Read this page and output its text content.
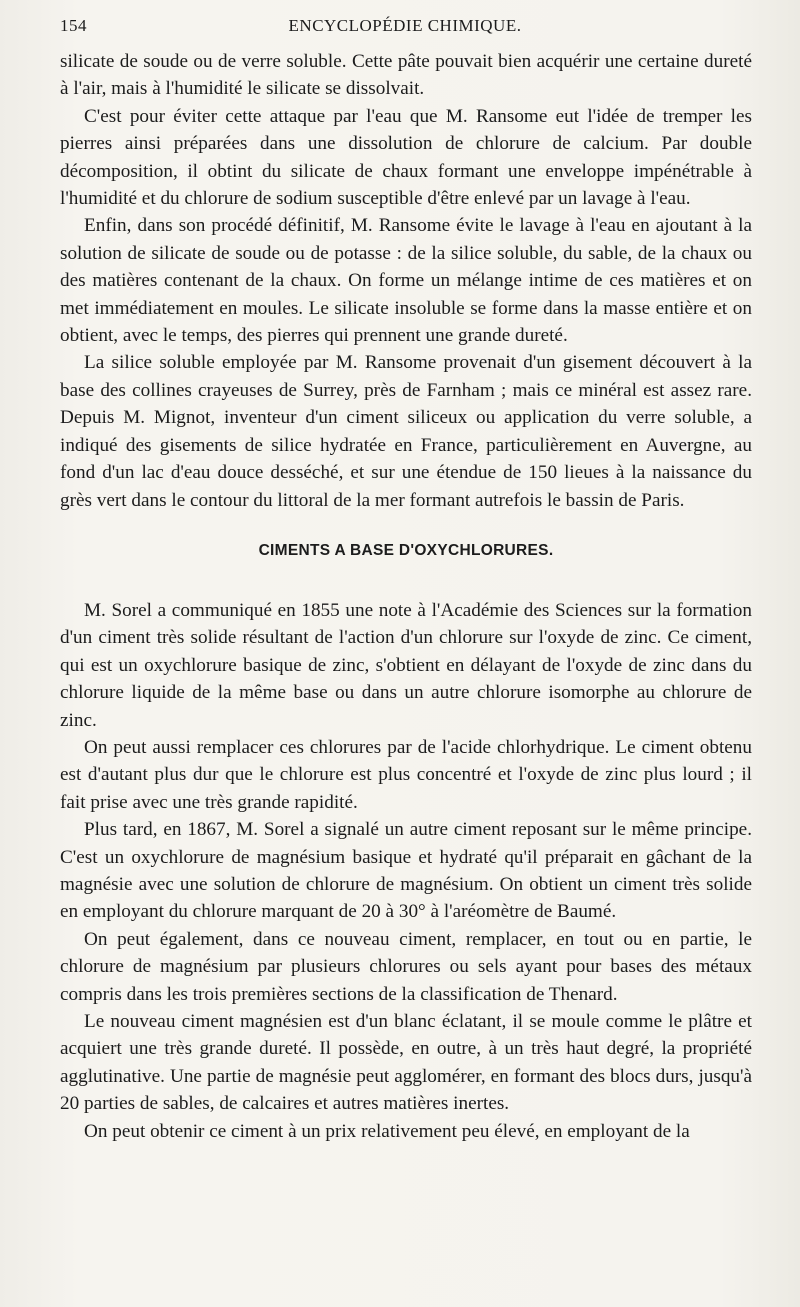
154	ENCYCLOPÉDIE CHIMIQUE.

silicate de soude ou de verre soluble. Cette pâte pouvait bien acquérir une certaine dureté à l'air, mais à l'humidité le silicate se dissolvait.

C'est pour éviter cette attaque par l'eau que M. Ransome eut l'idée de tremper les pierres ainsi préparées dans une dissolution de chlorure de calcium. Par double décomposition, il obtint du silicate de chaux formant une enveloppe impénétrable à l'humidité et du chlorure de sodium susceptible d'être enlevé par un lavage à l'eau.

Enfin, dans son procédé définitif, M. Ransome évite le lavage à l'eau en ajoutant à la solution de silicate de soude ou de potasse : de la silice soluble, du sable, de la chaux ou des matières contenant de la chaux. On forme un mélange intime de ces matières et on met immédiatement en moules. Le silicate insoluble se forme dans la masse entière et on obtient, avec le temps, des pierres qui prennent une grande dureté.

La silice soluble employée par M. Ransome provenait d'un gisement découvert à la base des collines crayeuses de Surrey, près de Farnham ; mais ce minéral est assez rare. Depuis M. Mignot, inventeur d'un ciment siliceux ou application du verre soluble, a indiqué des gisements de silice hydratée en France, particulièrement en Auvergne, au fond d'un lac d'eau douce desséché, et sur une étendue de 150 lieues à la naissance du grès vert dans le contour du littoral de la mer formant autrefois le bassin de Paris.

CIMENTS A BASE D'OXYCHLORURES.

M. Sorel a communiqué en 1855 une note à l'Académie des Sciences sur la formation d'un ciment très solide résultant de l'action d'un chlorure sur l'oxyde de zinc. Ce ciment, qui est un oxychlorure basique de zinc, s'obtient en délayant de l'oxyde de zinc dans du chlorure liquide de la même base ou dans un autre chlorure isomorphe au chlorure de zinc.

On peut aussi remplacer ces chlorures par de l'acide chlorhydrique. Le ciment obtenu est d'autant plus dur que le chlorure est plus concentré et l'oxyde de zinc plus lourd ; il fait prise avec une très grande rapidité.

Plus tard, en 1867, M. Sorel a signalé un autre ciment reposant sur le même principe. C'est un oxychlorure de magnésium basique et hydraté qu'il préparait en gâchant de la magnésie avec une solution de chlorure de magnésium. On obtient un ciment très solide en employant du chlorure marquant de 20 à 30° à l'aréomètre de Baumé.

On peut également, dans ce nouveau ciment, remplacer, en tout ou en partie, le chlorure de magnésium par plusieurs chlorures ou sels ayant pour bases des métaux compris dans les trois premières sections de la classification de Thenard.

Le nouveau ciment magnésien est d'un blanc éclatant, il se moule comme le plâtre et acquiert une très grande dureté. Il possède, en outre, à un très haut degré, la propriété agglutinative. Une partie de magnésie peut agglomérer, en formant des blocs durs, jusqu'à 20 parties de sables, de calcaires et autres matières inertes.

On peut obtenir ce ciment à un prix relativement peu élevé, en employant de la
